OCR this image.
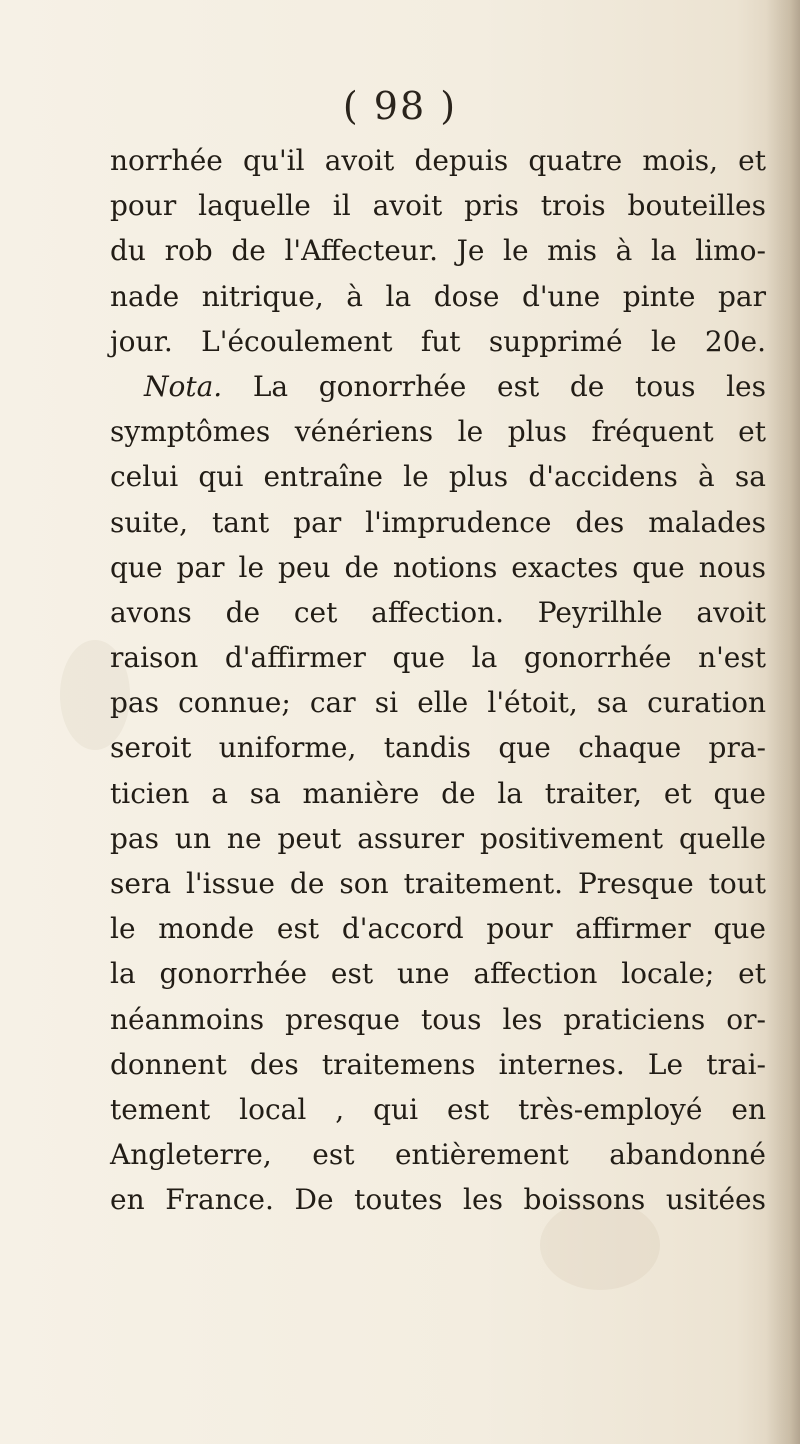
( 98 )
norrhée qu'il avoit depuis quatre mois, et
pour laquelle il avoit pris trois bouteilles
du rob de l'Affecteur. Je le mis à la limo-
nade nitrique, à la dose d'une pinte par
jour. L'écoulement fut supprimé le 20e.
Nota. La gonorrhée est de tous les
symptômes vénériens le plus fréquent et
celui qui entraîne le plus d'accidens à sa
suite, tant par l'imprudence des malades
que par le peu de notions exactes que nous
avons de cet affection. Peyrilhle avoit
raison d'affirmer que la gonorrhée n'est
pas connue; car si elle l'étoit, sa curation
seroit uniforme, tandis que chaque pra-
ticien a sa manière de la traiter, et que
pas un ne peut assurer positivement quelle
sera l'issue de son traitement. Presque tout
le monde est d'accord pour affirmer que
la gonorrhée est une affection locale; et
néanmoins presque tous les praticiens or-
donnent des traitemens internes. Le trai-
tement local , qui est très-employé en
Angleterre, est entièrement abandonné
en France. De toutes les boissons usitées
